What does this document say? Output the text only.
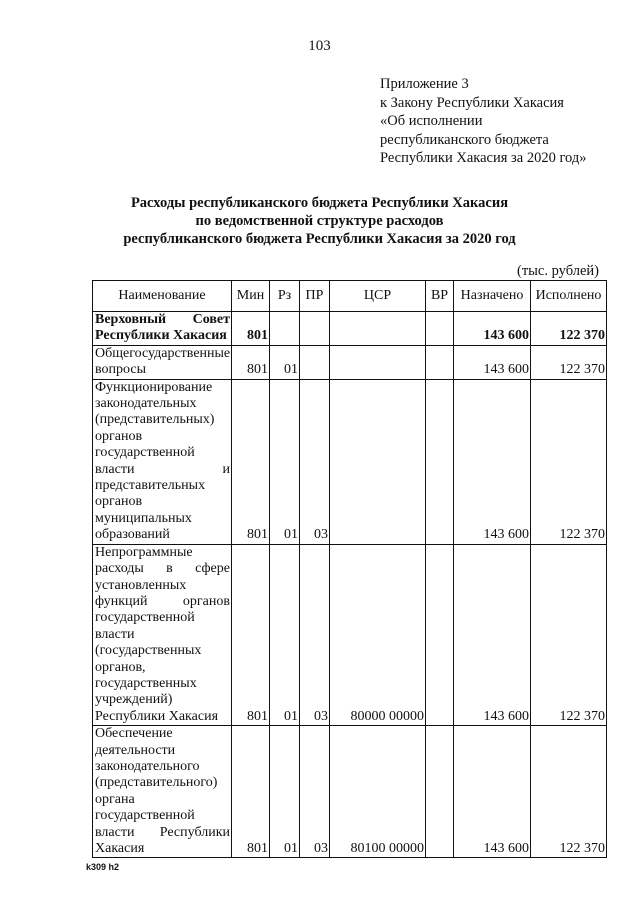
103
Приложение 3
к Закону Республики Хакасия
«Об исполнении
республиканского бюджета
Республики Хакасия за 2020 год»
Расходы республиканского бюджета Республики Хакасия
по ведомственной структуре расходов
республиканского бюджета Республики Хакасия за 2020 год
(тыс. рублей)
Наименование	Мин	Рз	ПР	ЦСР	ВР	Назначено	Исполнено
Верховный Совет Республики Хакасия	801					143 600	122 370
Общегосударственные вопросы	801	01				143 600	122 370
Функционирование законодательных (представительных) органов государственной власти и представительных органов муниципальных образований	801	01	03			143 600	122 370
Непрограммные расходы в сфере установленных функций органов государственной власти (государственных органов, государственных учреждений) Республики Хакасия	801	01	03	80000 00000		143 600	122 370
Обеспечение деятельности законодательного (представительного) органа государственной власти Республики Хакасия	801	01	03	80100 00000		143 600	122 370
k309 h2
